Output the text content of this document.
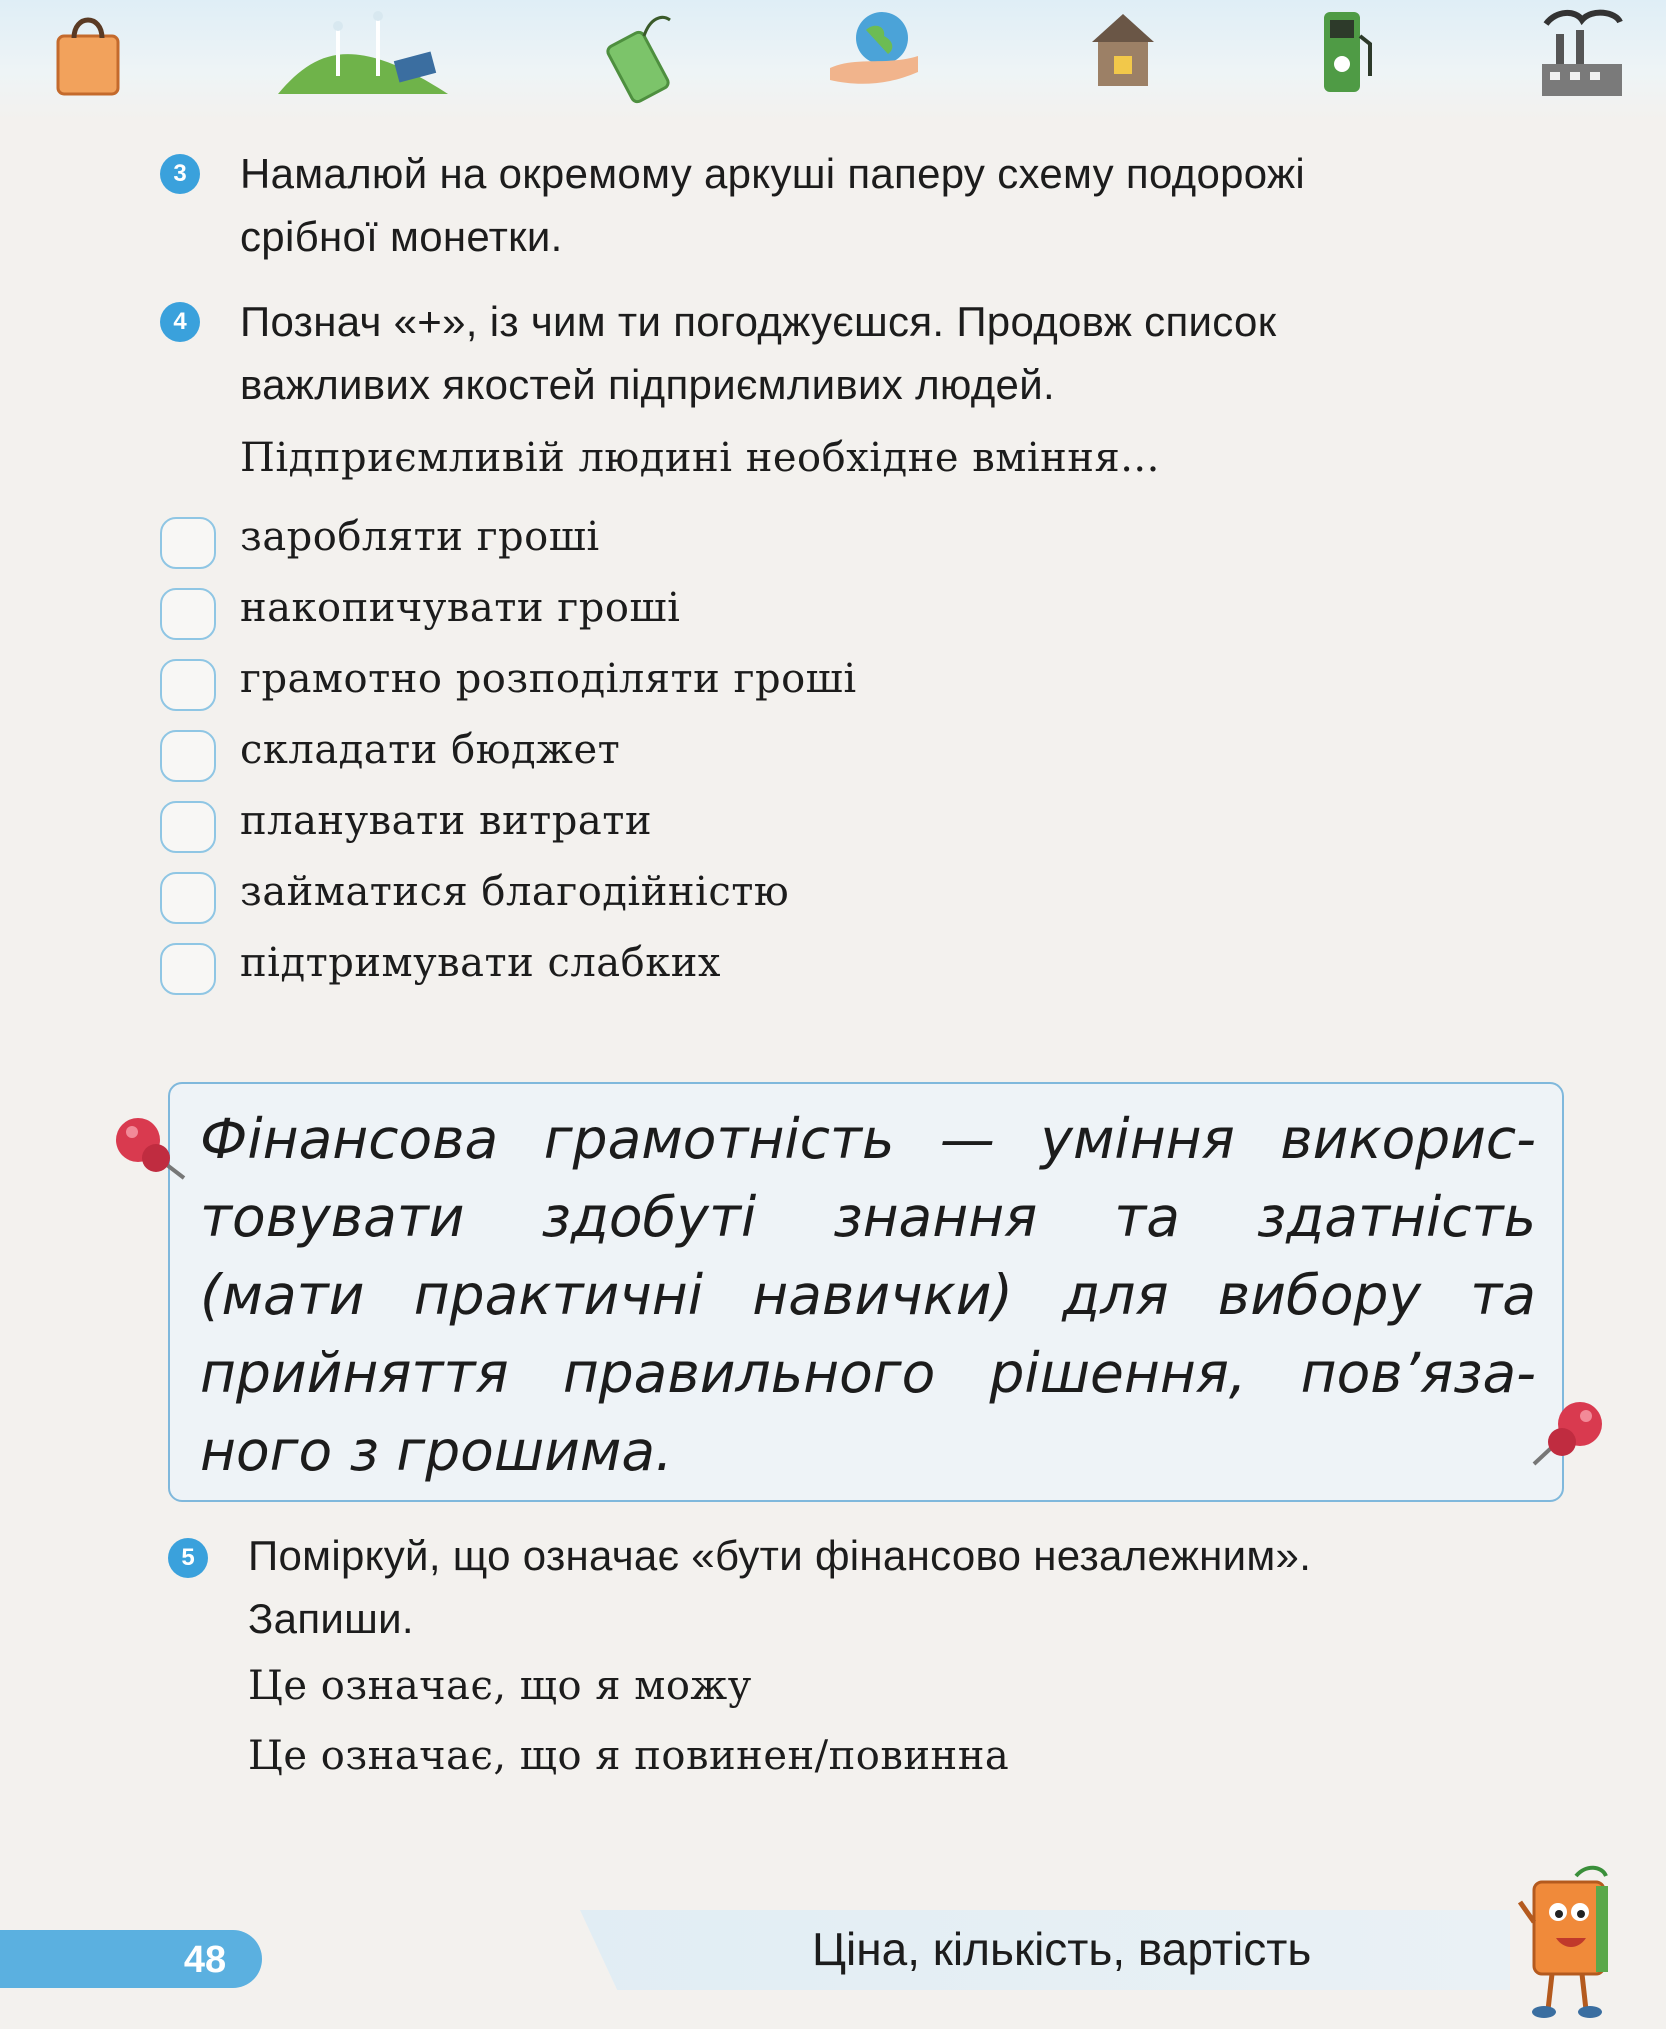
3	Намалюй на окремому аркуші паперу схему подорожі
срібної монетки.
4	Познач «+», із чим ти погоджуєшся. Продовж список
важливих якостей підприємливих людей.
Підприємливій людині необхідне вміння...
заробляти гроші
накопичувати гроші
грамотно розподіляти гроші
складати бюджет
планувати витрати
займатися благодійністю
підтримувати слабких
Фінансова грамотність — уміння викорис-
товувати здобуті знання та здатність
(мати практичні навички) для вибору та
прийняття правильного рішення, пов’яза-
ного з грошима.
5	Поміркуй, що означає «бути фінансово незалежним».
Запиши.
Це означає, що я можу
Це означає, що я повинен/повинна
48	Ціна, кількість, вартість
